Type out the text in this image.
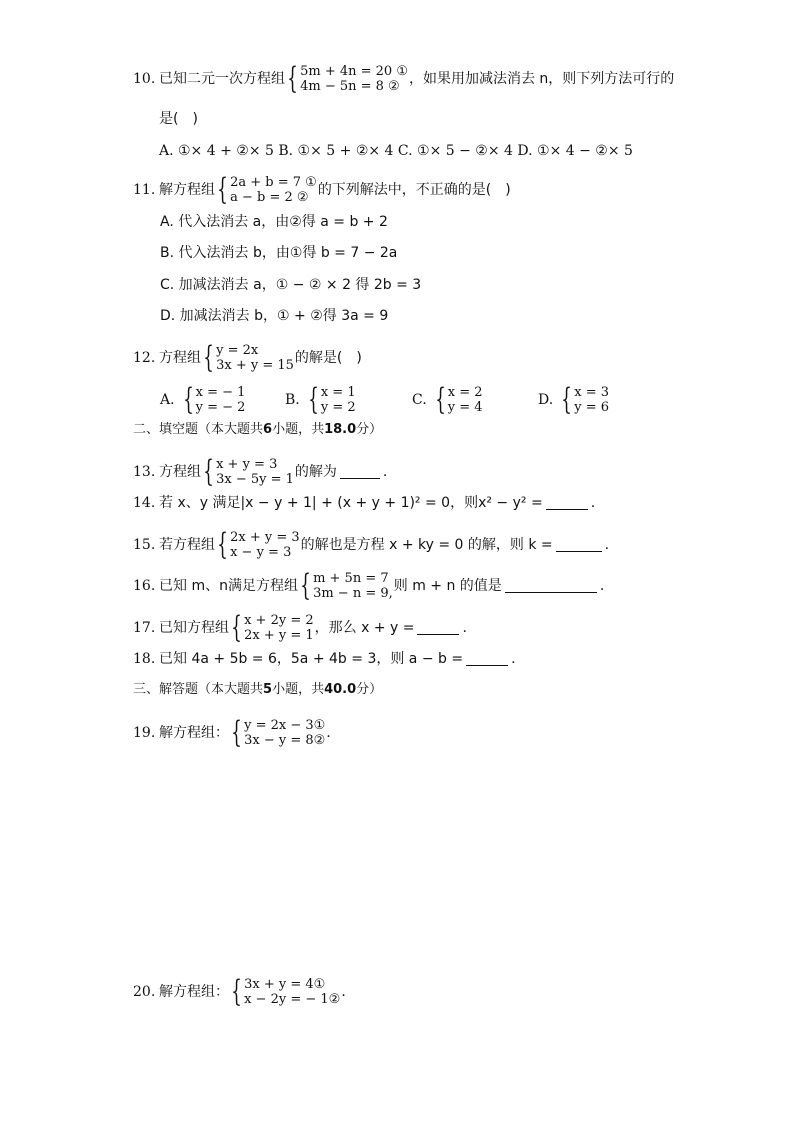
10. 已知二元一次方程组 { 5m + 4n = 20 ①
4m − 5n = 8 ② ，如果用加减法消去 n，则下列方法可行的
是(　)
A. ①× 4 + ②× 5 B. ①× 5 + ②× 4 C. ①× 5 − ②× 4 D. ①× 4 − ②× 5
11. 解方程组 { 2a + b = 7 ①
a − b = 2 ② 的下列解法中，不正确的是(　)
A. 代入法消去 a，由②得 a = b + 2
B. 代入法消去 b，由①得 b = 7 − 2a
C. 加减法消去 a，① − ② × 2 得 2b = 3
D. 加减法消去 b，① + ②得 3a = 9
12. 方程组 { y = 2x
3x + y = 15 的解是(　)
A. { x = − 1
y = − 2	B. { x = 1
y = 2	C. { x = 2
y = 4	D. { x = 3
y = 6
二、填空题（本大题共 6 小题，共 18.0 分）
13. 方程组 { x + y = 3
3x − 5y = 1 的解为	.
14. 若 x、y 满足|x − y + 1| + (x + y + 1)² = 0，则x² − y² =	.
15. 若方程组 { 2x + y = 3
x − y = 3 的解也是方程 x + ky = 0 的解，则 k =	.
16. 已知 m、n满足方程组 { m + 5n = 7
3m − n = 9, 则 m + n 的值是	.
17. 已知方程组 { x + 2y = 2
2x + y = 1 ，那么 x + y =	.
18. 已知 4a + 5b = 6，5a + 4b = 3，则 a − b =	.
三、解答题（本大题共 5 小题，共 40.0 分）
19. 解方程组： { y = 2x − 3①
3x − y = 8② .
20. 解方程组： { 3x + y = 4①
x − 2y = − 1② .
